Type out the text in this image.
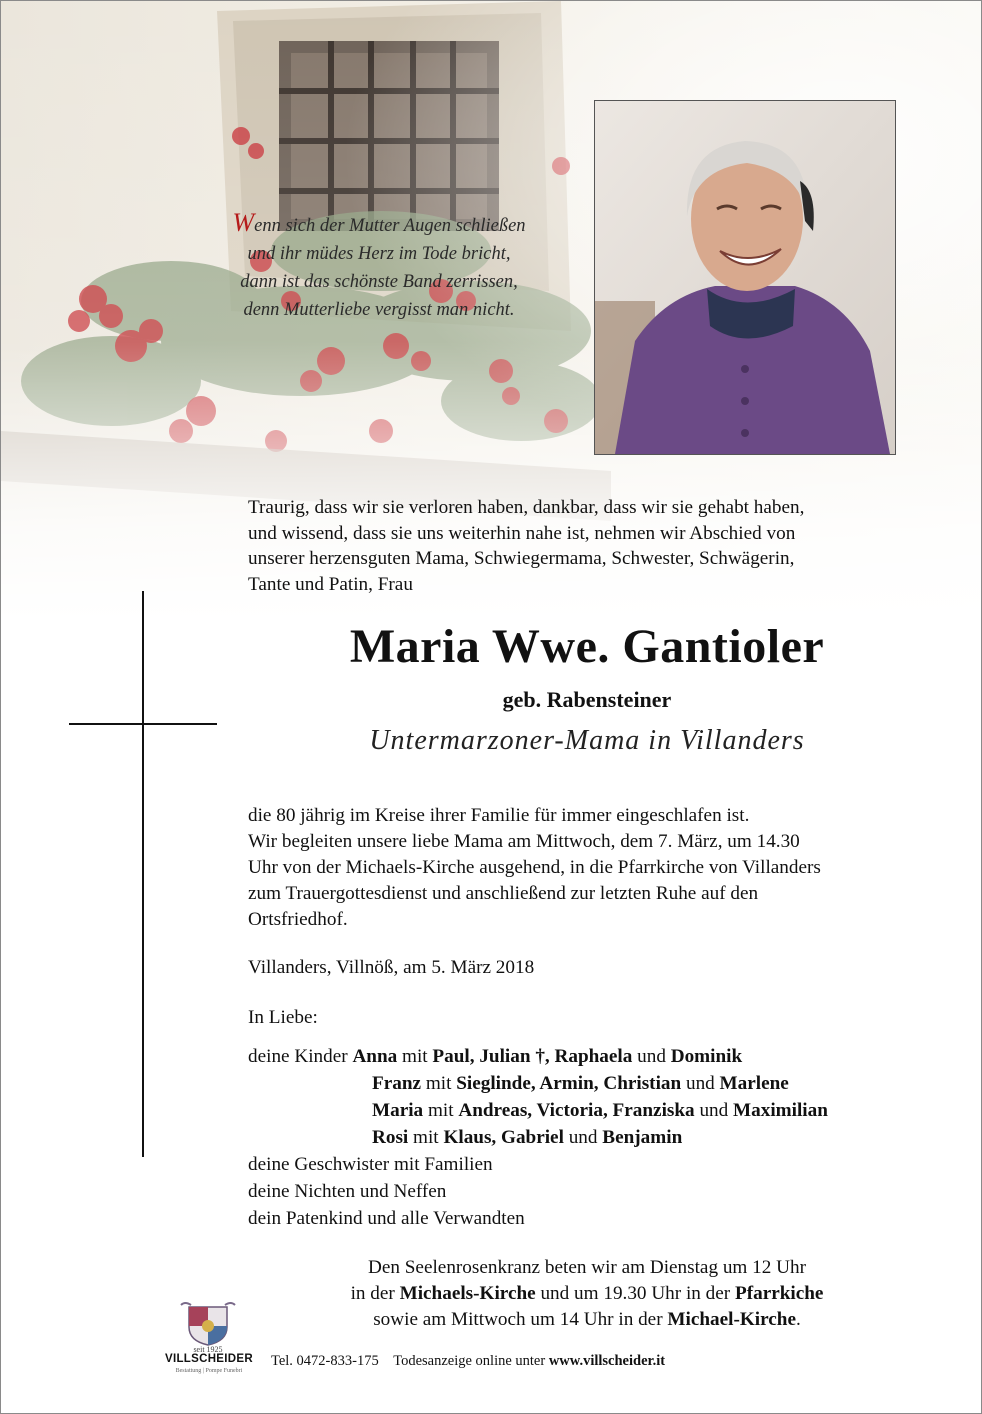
Wenn sich der Mutter Augen schließen
und ihr müdes Herz im Tode bricht,
dann ist das schönste Band zerrissen,
denn Mutterliebe vergisst man nicht.
Traurig, dass wir sie verloren haben, dankbar, dass wir sie gehabt haben,
und wissend, dass sie uns weiterhin nahe ist, nehmen wir Abschied von
unserer herzensguten Mama, Schwiegermama, Schwester, Schwägerin,
Tante und Patin, Frau
Maria Wwe. Gantioler
geb. Rabensteiner
Untermarzoner-Mama in Villanders
die 80 jährig im Kreise ihrer Familie für immer eingeschlafen ist.
Wir begleiten unsere liebe Mama am Mittwoch, dem 7. März, um 14.30
Uhr von der Michaels-Kirche ausgehend, in die Pfarrkirche von Villanders
zum Trauergottesdienst und anschließend zur letzten Ruhe auf den
Ortsfriedhof.
Villanders, Villnöß, am 5. März 2018
In Liebe:
deine Kinder Anna mit Paul, Julian †, Raphaela und Dominik
Franz mit Sieglinde, Armin, Christian und Marlene
Maria mit Andreas, Victoria, Franziska und Maximilian
Rosi mit Klaus, Gabriel und Benjamin
deine Geschwister mit Familien
deine Nichten und Neffen
dein Patenkind und alle Verwandten
Den Seelenrosenkranz beten wir am Dienstag um 12 Uhr
in der Michaels-Kirche und um 19.30 Uhr in der Pfarrkiche
sowie am Mittwoch um 14 Uhr in der Michael-Kirche.
seit 1925
VILLSCHEIDER
Bestattung | Pompe Funebri
Tel. 0472-833-175 Todesanzeige online unter www.villscheider.it
